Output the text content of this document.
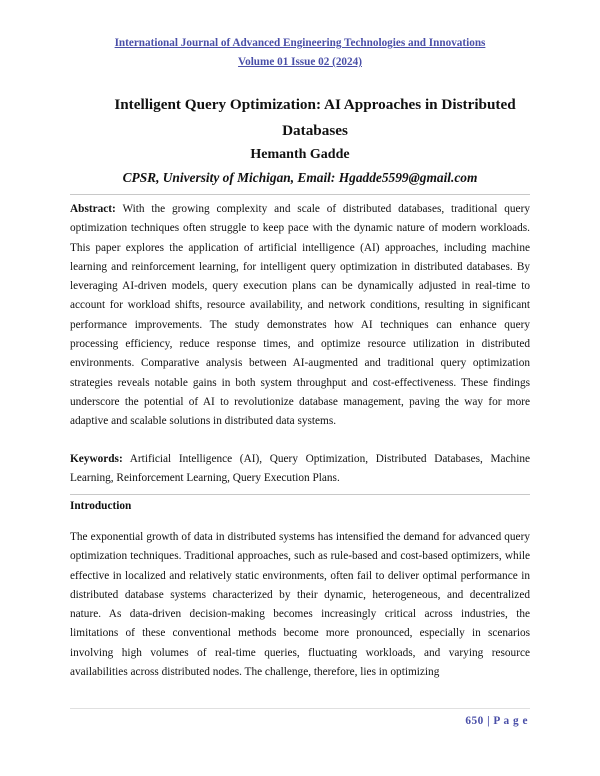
International Journal of Advanced Engineering Technologies and Innovations
Volume 01 Issue 02 (2024)
Intelligent Query Optimization: AI Approaches in Distributed Databases
Hemanth Gadde
CPSR, University of Michigan, Email: Hgadde5599@gmail.com
Abstract: With the growing complexity and scale of distributed databases, traditional query optimization techniques often struggle to keep pace with the dynamic nature of modern workloads. This paper explores the application of artificial intelligence (AI) approaches, including machine learning and reinforcement learning, for intelligent query optimization in distributed databases. By leveraging AI-driven models, query execution plans can be dynamically adjusted in real-time to account for workload shifts, resource availability, and network conditions, resulting in significant performance improvements. The study demonstrates how AI techniques can enhance query processing efficiency, reduce response times, and optimize resource utilization in distributed environments. Comparative analysis between AI-augmented and traditional query optimization strategies reveals notable gains in both system throughput and cost-effectiveness. These findings underscore the potential of AI to revolutionize database management, paving the way for more adaptive and scalable solutions in distributed data systems.
Keywords: Artificial Intelligence (AI), Query Optimization, Distributed Databases, Machine Learning, Reinforcement Learning, Query Execution Plans.
Introduction
The exponential growth of data in distributed systems has intensified the demand for advanced query optimization techniques. Traditional approaches, such as rule-based and cost-based optimizers, while effective in localized and relatively static environments, often fail to deliver optimal performance in distributed database systems characterized by their dynamic, heterogeneous, and decentralized nature. As data-driven decision-making becomes increasingly critical across industries, the limitations of these conventional methods become more pronounced, especially in scenarios involving high volumes of real-time queries, fluctuating workloads, and varying resource availabilities across distributed nodes. The challenge, therefore, lies in optimizing
650 | P a g e
